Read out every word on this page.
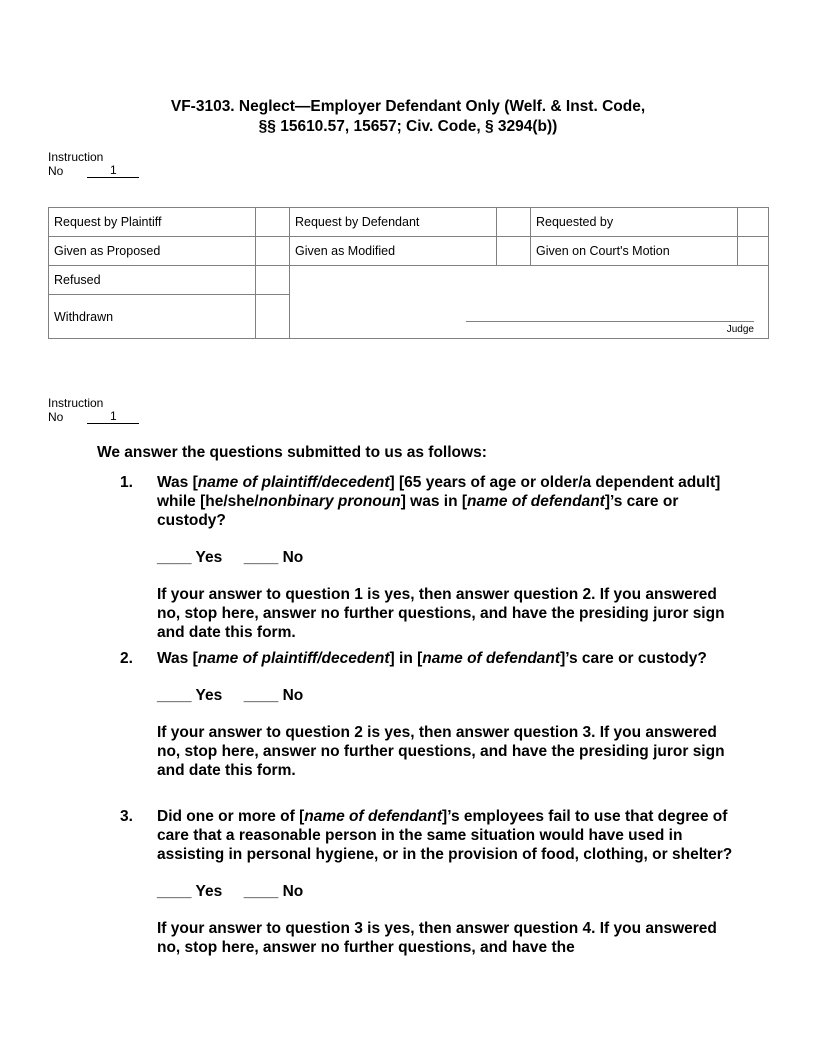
VF-3103. Neglect—Employer Defendant Only (Welf. & Inst. Code,
§§ 15610.57, 15657; Civ. Code, § 3294(b))
Instruction
No	1
Request by Plaintiff		Request by Defendant		Requested by	
Given as Proposed		Given as Modified		Given on Court's Motion	
Refused		Judge			

Withdrawn					
Instruction
No	1
We answer the questions submitted to us as follows:
1. Was [name of plaintiff/decedent] [65 years of age or older/a dependent adult] while [he/she/nonbinary pronoun] was in [name of defendant]’s care or custody?

____ Yes ____ No

If your answer to question 1 is yes, then answer question 2. If you answered no, stop here, answer no further questions, and have the presiding juror sign and date this form.

2. Was [name of plaintiff/decedent] in [name of defendant]’s care or custody?

____ Yes ____ No

If your answer to question 2 is yes, then answer question 3. If you answered no, stop here, answer no further questions, and have the presiding juror sign and date this form.

3. Did one or more of [name of defendant]’s employees fail to use that degree of care that a reasonable person in the same situation would have used in assisting in personal hygiene, or in the provision of food, clothing, or shelter?

____ Yes ____ No

If your answer to question 3 is yes, then answer question 4. If you answered no, stop here, answer no further questions, and have the
